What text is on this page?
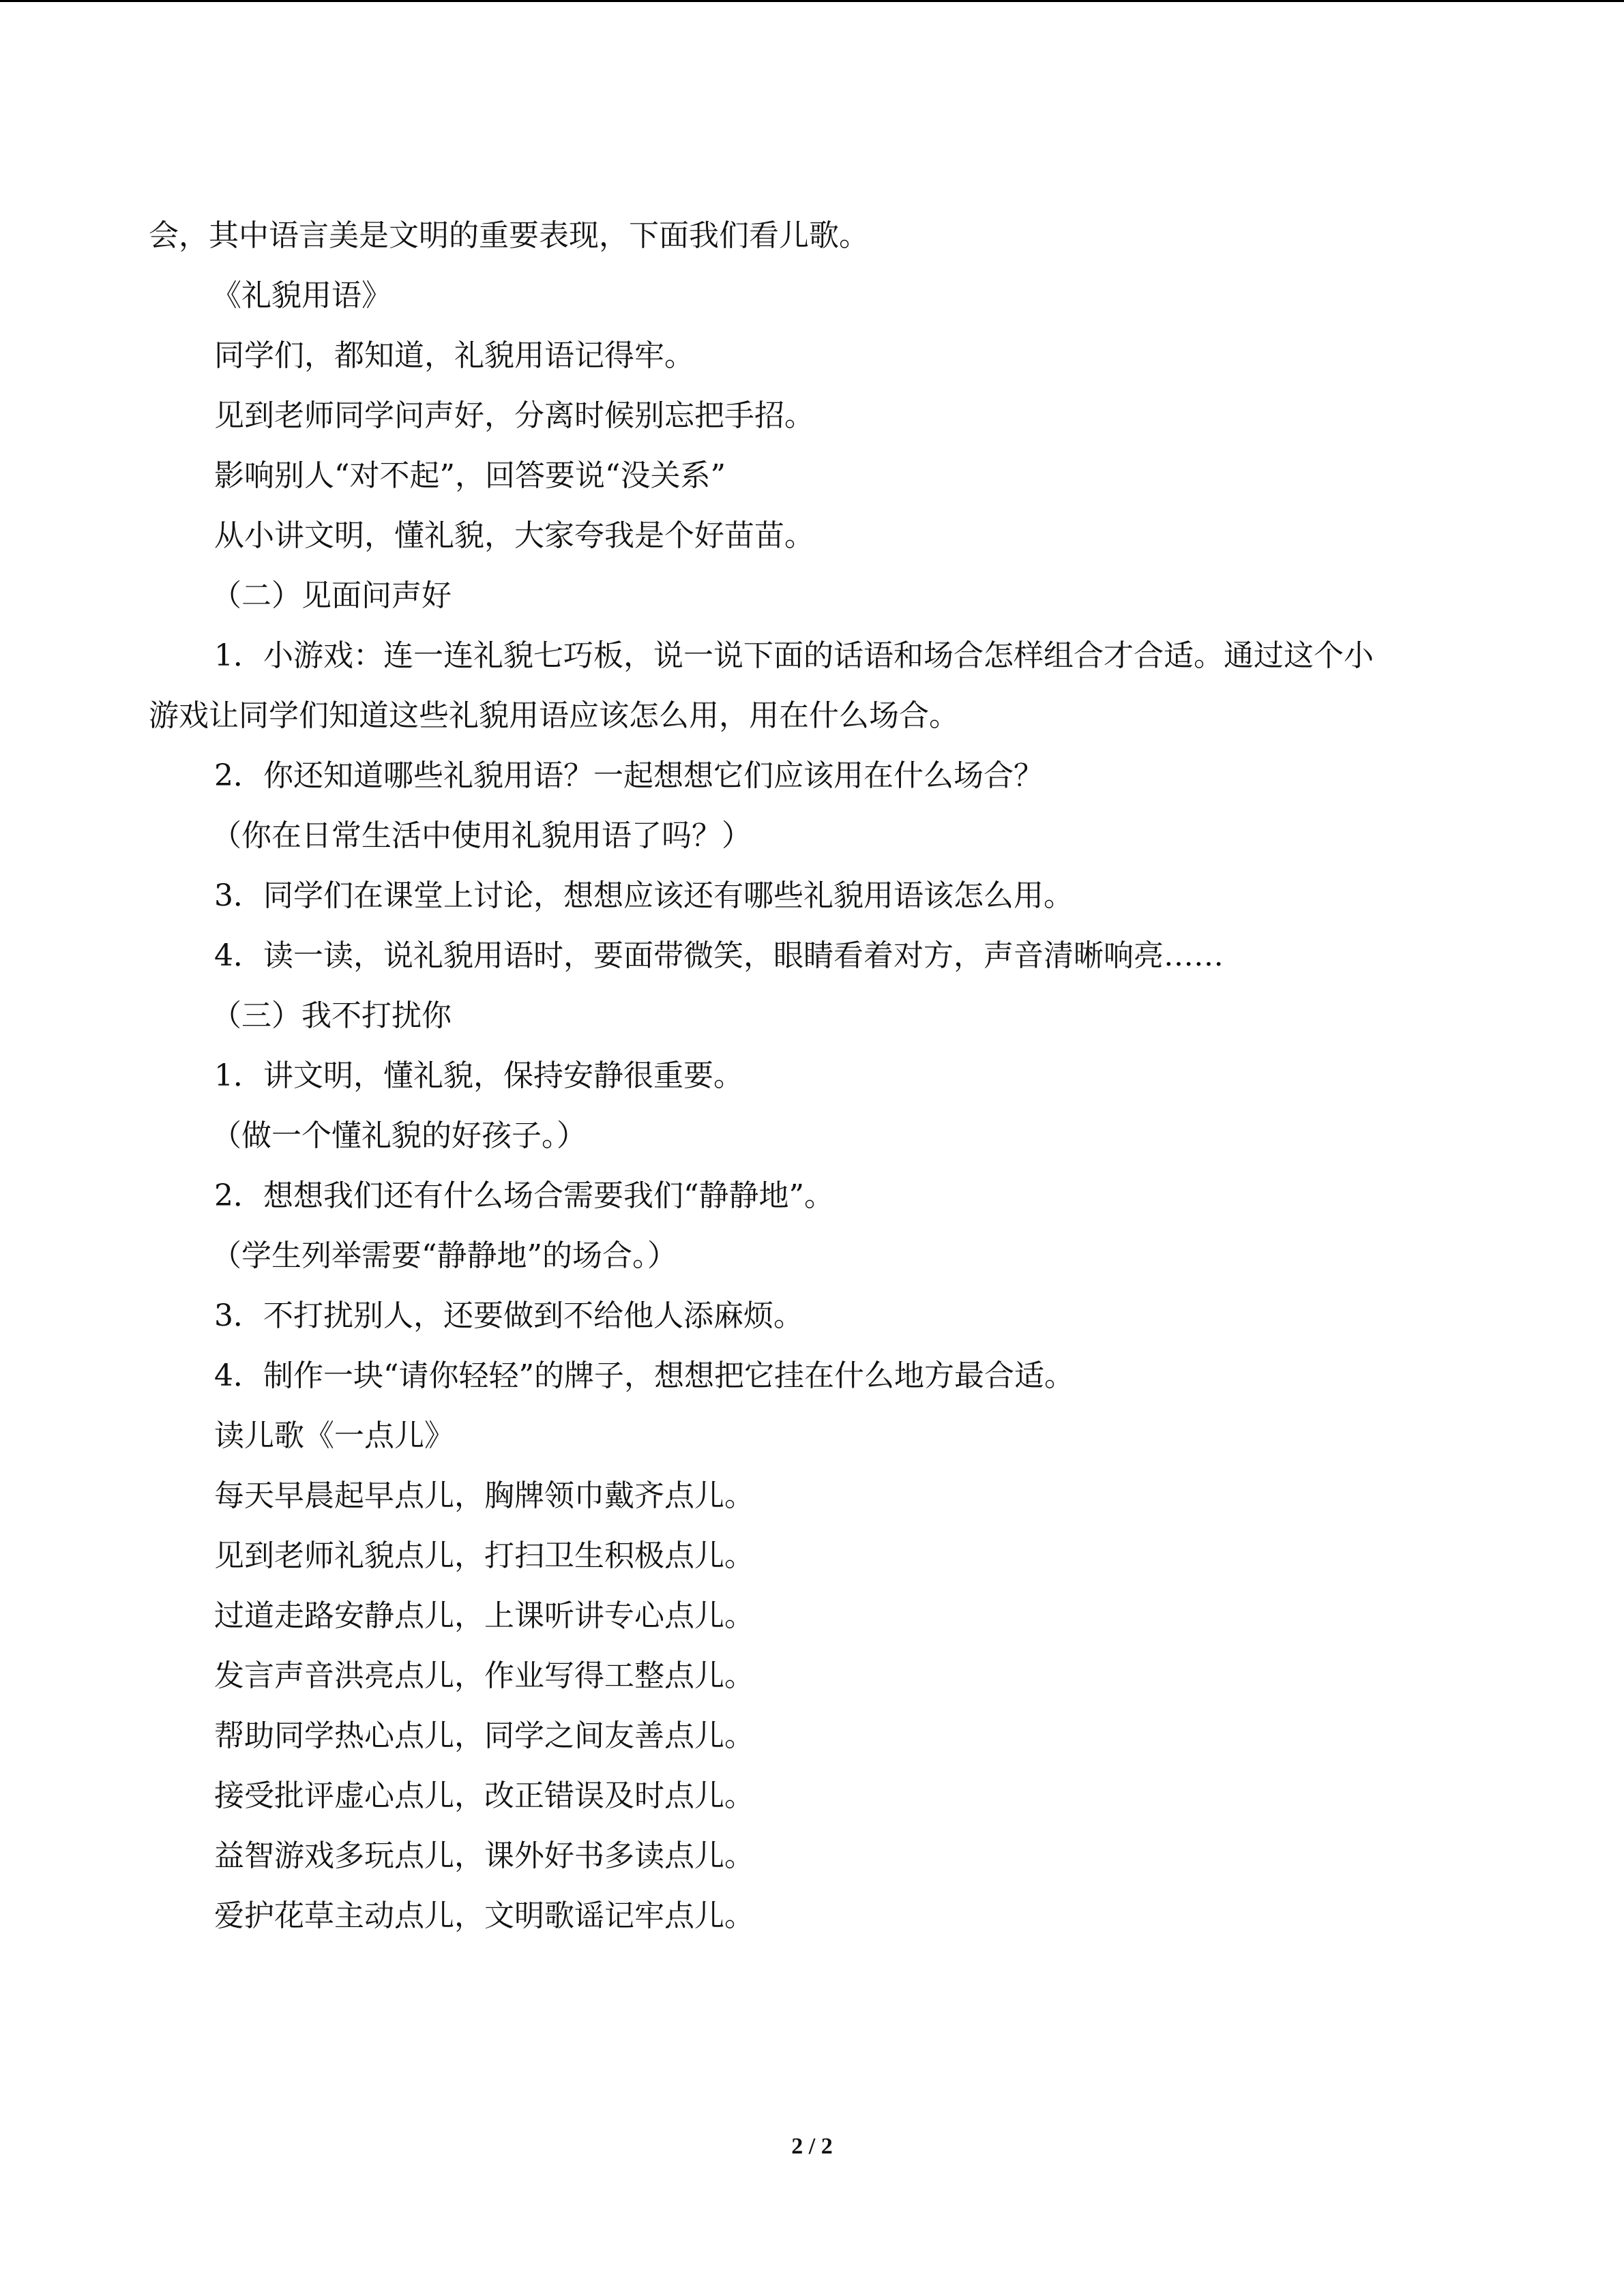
会，其中语言美是文明的重要表现，下面我们看儿歌。
《礼貌用语》
同学们，都知道，礼貌用语记得牢。
见到老师同学问声好，分离时候别忘把手招。
影响别人“对不起”，回答要说“没关系”
从小讲文明，懂礼貌，大家夸我是个好苗苗。
（二）见面问声好
1．小游戏：连一连礼貌七巧板，说一说下面的话语和场合怎样组合才合适。通过这个小
游戏让同学们知道这些礼貌用语应该怎么用，用在什么场合。
2．你还知道哪些礼貌用语？一起想想它们应该用在什么场合？
（你在日常生活中使用礼貌用语了吗？）
3．同学们在课堂上讨论，想想应该还有哪些礼貌用语该怎么用。
4．读一读，说礼貌用语时，要面带微笑，眼睛看着对方，声音清晰响亮……
（三）我不打扰你
1．讲文明，懂礼貌，保持安静很重要。
（做一个懂礼貌的好孩子。）
2．想想我们还有什么场合需要我们“静静地”。
（学生列举需要“静静地”的场合。）
3．不打扰别人，还要做到不给他人添麻烦。
4．制作一块“请你轻轻”的牌子，想想把它挂在什么地方最合适。
读儿歌《一点儿》
每天早晨起早点儿，胸牌领巾戴齐点儿。
见到老师礼貌点儿，打扫卫生积极点儿。
过道走路安静点儿，上课听讲专心点儿。
发言声音洪亮点儿，作业写得工整点儿。
帮助同学热心点儿，同学之间友善点儿。
接受批评虚心点儿，改正错误及时点儿。
益智游戏多玩点儿，课外好书多读点儿。
爱护花草主动点儿，文明歌谣记牢点儿。
2 / 2
